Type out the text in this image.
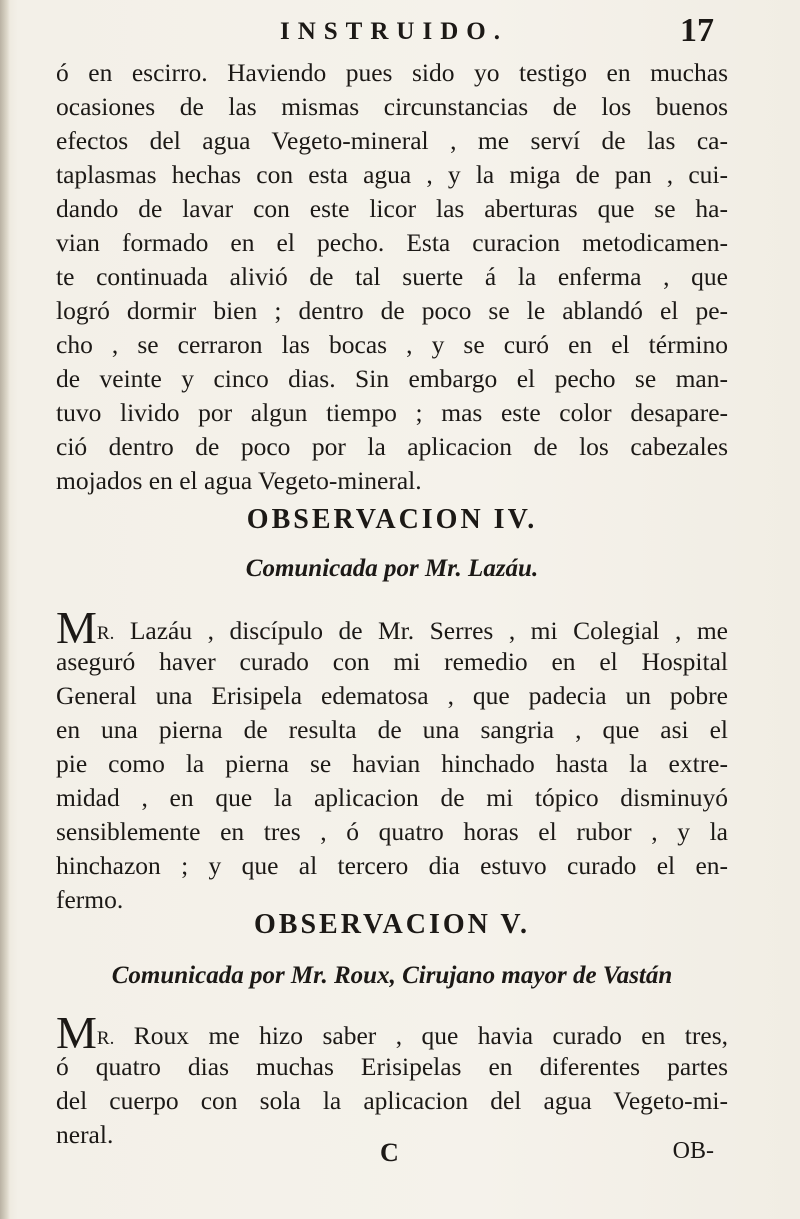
INSTRUIDO.	17
ó en escirro. Haviendo pues sido yo testigo en muchas
ocasiones de las mismas circunstancias de los buenos
efectos del agua Vegeto-mineral , me serví de las ca-
taplasmas hechas con esta agua , y la miga de pan , cui-
dando de lavar con este licor las aberturas que se ha-
vian formado en el pecho. Esta curacion metodicamen-
te continuada alivió de tal suerte á la enferma , que
logró dormir bien ; dentro de poco se le ablandó el pe-
cho , se cerraron las bocas , y se curó en el término
de veinte y cinco dias. Sin embargo el pecho se man-
tuvo livido por algun tiempo ; mas este color desapare-
ció dentro de poco por la aplicacion de los cabezales
mojados en el agua Vegeto-mineral.
OBSERVACION IV.
Comunicada por Mr. Lazáu.
MR. Lazáu , discípulo de Mr. Serres , mi Colegial , me
aseguró haver curado con mi remedio en el Hospital
General una Erisipela edematosa , que padecia un pobre
en una pierna de resulta de una sangria , que asi el
pie como la pierna se havian hinchado hasta la extre-
midad , en que la aplicacion de mi tópico disminuyó
sensiblemente en tres , ó quatro horas el rubor , y la
hinchazon ; y que al tercero dia estuvo curado el en-
fermo.
OBSERVACION V.
Comunicada por Mr. Roux, Cirujano mayor de Vastán
MR. Roux me hizo saber , que havia curado en tres,
ó quatro dias muchas Erisipelas en diferentes partes
del cuerpo con sola la aplicacion del agua Vegeto-mi-
neral.
C	OB-
